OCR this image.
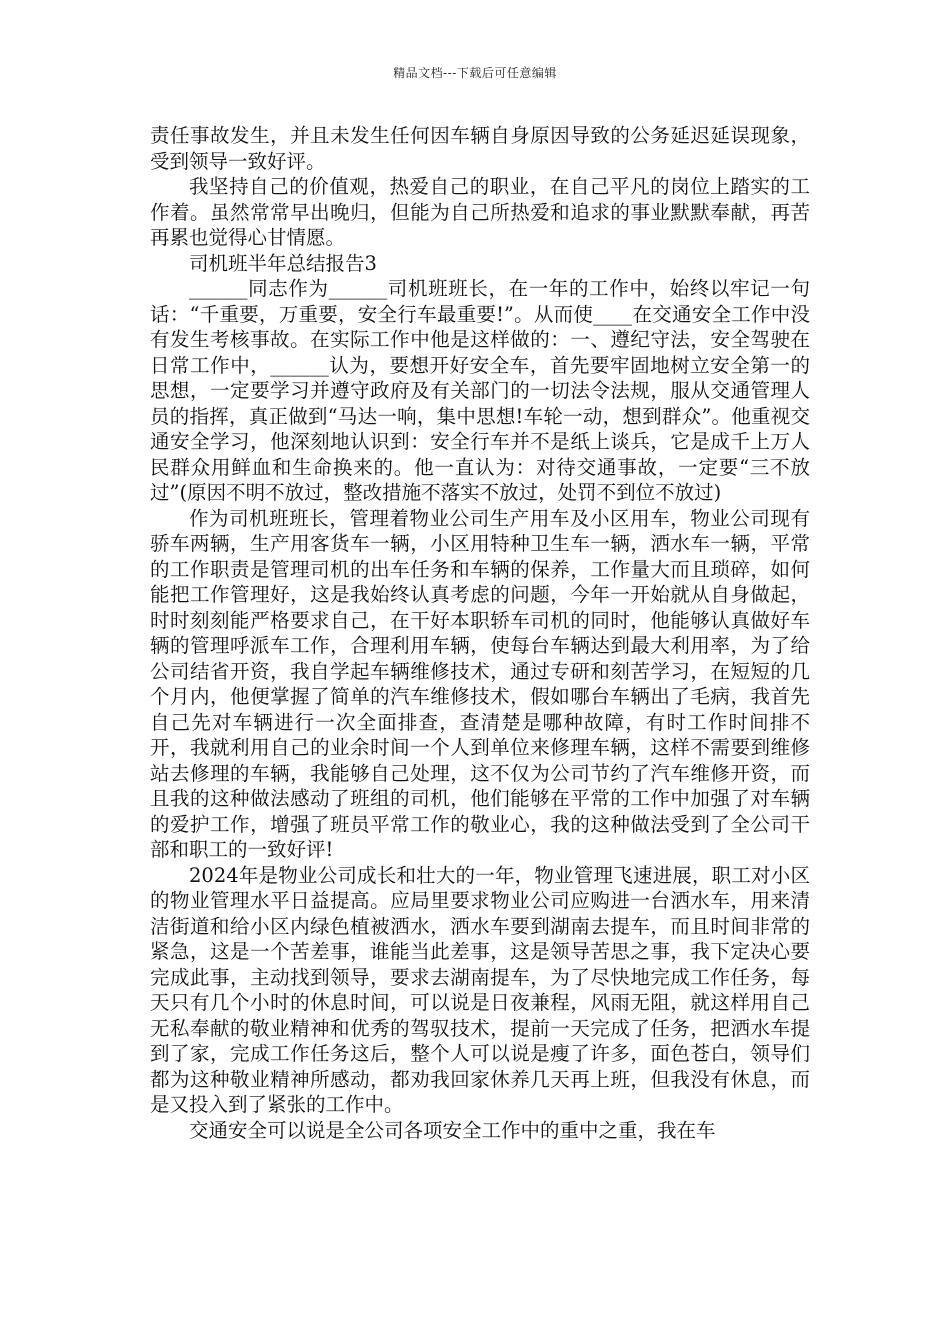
精品文档---下载后可任意编辑

责任事故发生，并且未发生任何因车辆自身原因导致的公务延迟延误现象，受到领导一致好评。

我坚持自己的价值观，热爱自己的职业，在自己平凡的岗位上踏实的工作着。虽然常常早出晚归，但能为自己所热爱和追求的事业默默奉献，再苦再累也觉得心甘情愿。

司机班半年总结报告3

______同志作为______司机班班长，在一年的工作中，始终以牢记一句话：“千重要，万重要，安全行车最重要!”。从而使____在交通安全工作中没有发生考核事故。在实际工作中他是这样做的：一、遵纪守法，安全驾驶在日常工作中，______认为，要想开好安全车，首先要牢固地树立安全第一的思想，一定要学习并遵守政府及有关部门的一切法令法规，服从交通管理人员的指挥，真正做到“马达一响，集中思想!车轮一动，想到群众”。他重视交通安全学习，他深刻地认识到：安全行车并不是纸上谈兵，它是成千上万人民群众用鲜血和生命换来的。他一直认为：对待交通事故，一定要“三不放过”(原因不明不放过，整改措施不落实不放过，处罚不到位不放过)

作为司机班班长，管理着物业公司生产用车及小区用车，物业公司现有骄车两辆，生产用客货车一辆，小区用特种卫生车一辆，洒水车一辆，平常的工作职责是管理司机的出车任务和车辆的保养，工作量大而且琐碎，如何能把工作管理好，这是我始终认真考虑的问题，今年一开始就从自身做起，时时刻刻能严格要求自己，在干好本职轿车司机的同时，他能够认真做好车辆的管理呼派车工作，合理利用车辆，使每台车辆达到最大利用率，为了给公司结省开资，我自学起车辆维修技术，通过专研和刻苦学习，在短短的几个月内，他便掌握了简单的汽车维修技术，假如哪台车辆出了毛病，我首先自己先对车辆进行一次全面排查，查清楚是哪种故障，有时工作时间排不开，我就利用自己的业余时间一个人到单位来修理车辆，这样不需要到维修站去修理的车辆，我能够自己处理，这不仅为公司节约了汽车维修开资，而且我的这种做法感动了班组的司机，他们能够在平常的工作中加强了对车辆的爱护工作，增强了班员平常工作的敬业心，我的这种做法受到了全公司干部和职工的一致好评!

2024年是物业公司成长和壮大的一年，物业管理飞速进展，职工对小区的物业管理水平日益提高。应局里要求物业公司应购进一台洒水车，用来清洁街道和给小区内绿色植被洒水，洒水车要到湖南去提车，而且时间非常的紧急，这是一个苦差事，谁能当此差事，这是领导苦思之事，我下定决心要完成此事，主动找到领导，要求去湖南提车，为了尽快地完成工作任务，每天只有几个小时的休息时间，可以说是日夜兼程，风雨无阻，就这样用自己无私奉献的敬业精神和优秀的驾驭技术，提前一天完成了任务，把洒水车提到了家，完成工作任务这后，整个人可以说是瘦了许多，面色苍白，领导们都为这种敬业精神所感动，都劝我回家休养几天再上班，但我没有休息，而是又投入到了紧张的工作中。

交通安全可以说是全公司各项安全工作中的重中之重，我在车
